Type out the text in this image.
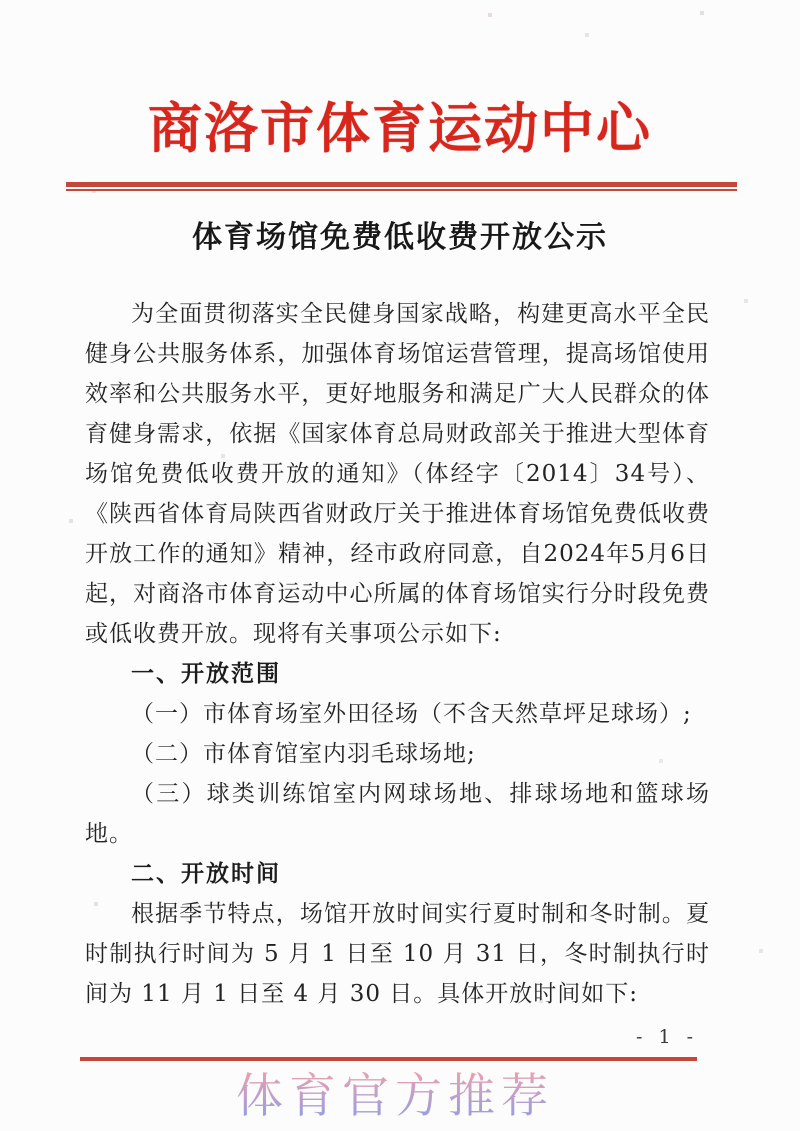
商洛市体育运动中心
体育场馆免费低收费开放公示

为全面贯彻落实全民健身国家战略，构建更高水平全民健身公共服务体系，加强体育场馆运营管理，提高场馆使用效率和公共服务水平，更好地服务和满足广大人民群众的体育健身需求，依据《国家体育总局财政部关于推进大型体育场馆免费低收费开放的通知》（体经字〔2014〕34号）、《陕西省体育局陕西省财政厅关于推进体育场馆免费低收费开放工作的通知》精神，经市政府同意，自2024年5月6日起，对商洛市体育运动中心所属的体育场馆实行分时段免费或低收费开放。现将有关事项公示如下:

一、开放范围

（一）市体育场室外田径场（不含天然草坪足球场）;

（二）市体育馆室内羽毛球场地;

（三）球类训练馆室内网球场地、排球场地和篮球场地。

二、开放时间

根据季节特点，场馆开放时间实行夏时制和冬时制。夏时制执行时间为 5 月 1 日至 10 月 31 日，冬时制执行时间为 11 月 1 日至 4 月 30 日。具体开放时间如下:

- 1 -
体育官方推荐
